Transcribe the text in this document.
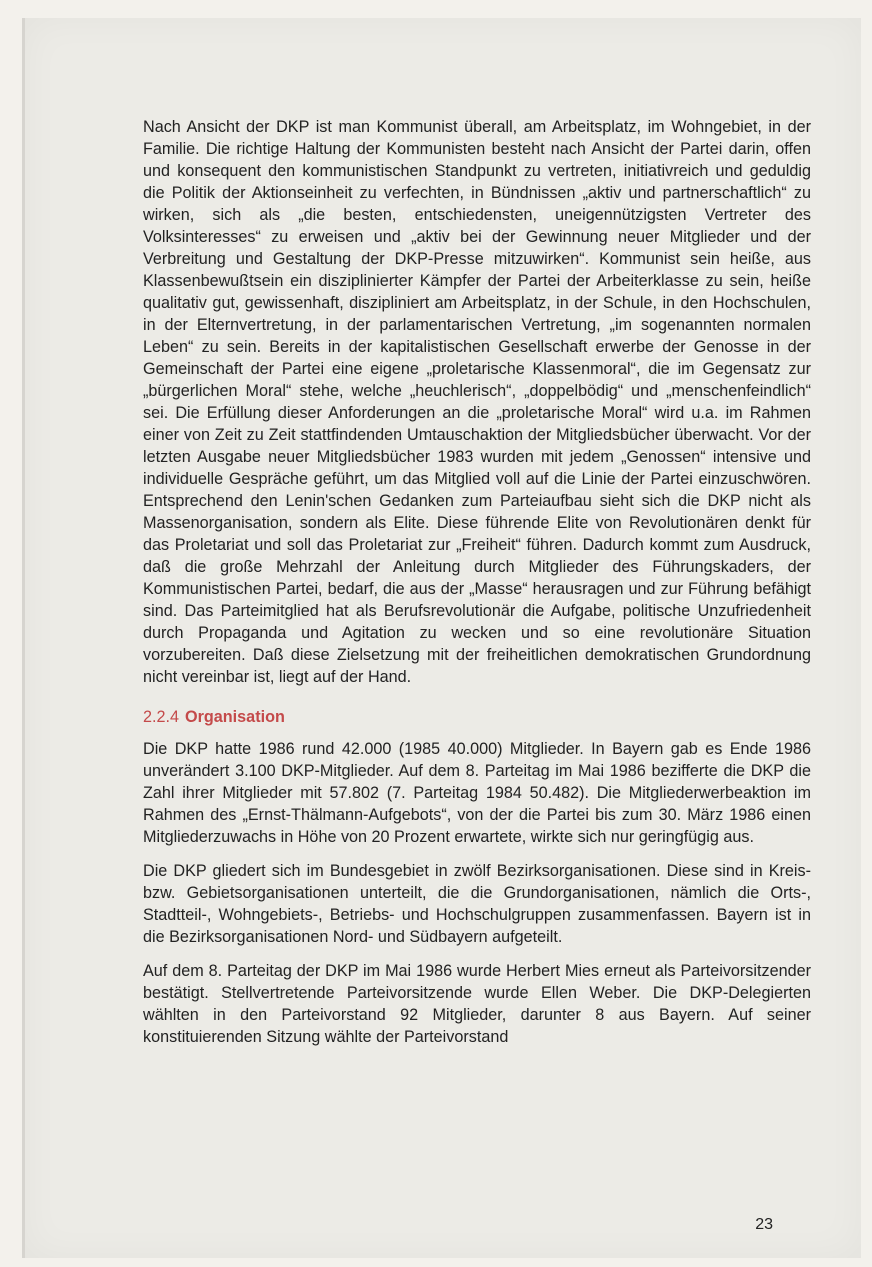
Nach Ansicht der DKP ist man Kommunist überall, am Arbeitsplatz, im Wohngebiet, in der Familie. Die richtige Haltung der Kommunisten besteht nach Ansicht der Partei darin, offen und konsequent den kommunistischen Standpunkt zu vertreten, initiativreich und geduldig die Politik der Aktionseinheit zu verfechten, in Bündnissen „aktiv und partnerschaftlich“ zu wirken, sich als „die besten, entschiedensten, uneigennützigsten Vertreter des Volksinteresses“ zu erweisen und „aktiv bei der Gewinnung neuer Mitglieder und der Verbreitung und Gestaltung der DKP-Presse mitzuwirken“. Kommunist sein heiße, aus Klassenbewußtsein ein disziplinierter Kämpfer der Partei der Arbeiterklasse zu sein, heiße qualitativ gut, gewissenhaft, diszipliniert am Arbeitsplatz, in der Schule, in den Hochschulen, in der Elternvertretung, in der parlamentarischen Vertretung, „im sogenannten normalen Leben“ zu sein. Bereits in der kapitalistischen Gesellschaft erwerbe der Genosse in der Gemeinschaft der Partei eine eigene „proletarische Klassenmoral“, die im Gegensatz zur „bürgerlichen Moral“ stehe, welche „heuchlerisch“, „doppelbödig“ und „menschenfeindlich“ sei. Die Erfüllung dieser Anforderungen an die „proletarische Moral“ wird u.a. im Rahmen einer von Zeit zu Zeit stattfindenden Umtauschaktion der Mitgliedsbücher überwacht. Vor der letzten Ausgabe neuer Mitgliedsbücher 1983 wurden mit jedem „Genossen“ intensive und individuelle Gespräche geführt, um das Mitglied voll auf die Linie der Partei einzuschwören. Entsprechend den Lenin'schen Gedanken zum Parteiaufbau sieht sich die DKP nicht als Massenorganisation, sondern als Elite. Diese führende Elite von Revolutionären denkt für das Proletariat und soll das Proletariat zur „Freiheit“ führen. Dadurch kommt zum Ausdruck, daß die große Mehrzahl der Anleitung durch Mitglieder des Führungskaders, der Kommunistischen Partei, bedarf, die aus der „Masse“ herausragen und zur Führung befähigt sind. Das Parteimitglied hat als Berufsrevolutionär die Aufgabe, politische Unzufriedenheit durch Propaganda und Agitation zu wecken und so eine revolutionäre Situation vorzubereiten. Daß diese Zielsetzung mit der freiheitlichen demokratischen Grundordnung nicht vereinbar ist, liegt auf der Hand.

2.2.4 Organisation

Die DKP hatte 1986 rund 42.000 (1985 40.000) Mitglieder. In Bayern gab es Ende 1986 unverändert 3.100 DKP-Mitglieder. Auf dem 8. Parteitag im Mai 1986 bezifferte die DKP die Zahl ihrer Mitglieder mit 57.802 (7. Parteitag 1984 50.482). Die Mitgliederwerbeaktion im Rahmen des „Ernst-Thälmann-Aufgebots“, von der die Partei bis zum 30. März 1986 einen Mitgliederzuwachs in Höhe von 20 Prozent erwartete, wirkte sich nur geringfügig aus.

Die DKP gliedert sich im Bundesgebiet in zwölf Bezirksorganisationen. Diese sind in Kreis- bzw. Gebietsorganisationen unterteilt, die die Grundorganisationen, nämlich die Orts-, Stadtteil-, Wohngebiets-, Betriebs- und Hochschulgruppen zusammenfassen. Bayern ist in die Bezirksorganisationen Nord- und Südbayern aufgeteilt.

Auf dem 8. Parteitag der DKP im Mai 1986 wurde Herbert Mies erneut als Parteivorsitzender bestätigt. Stellvertretende Parteivorsitzende wurde Ellen Weber. Die DKP-Delegierten wählten in den Parteivorstand 92 Mitglieder, darunter 8 aus Bayern. Auf seiner konstituierenden Sitzung wählte der Parteivorstand

23
